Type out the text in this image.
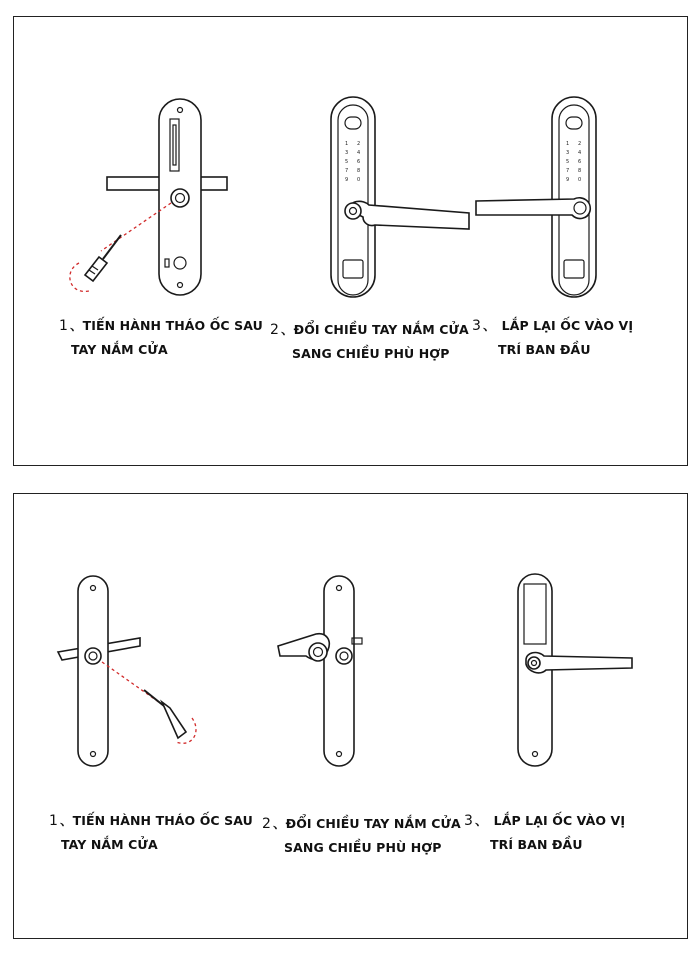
1 2
3 4
5 6
7 8
9 0
1 2
3 4
5 6
7 8
9 0
1 、TIẾN HÀNH THÁO ỐC SAU
TAY NẮM CỬA
2 、ĐỔI CHIỀU TAY NẮM CỬA
SANG CHIỀU PHÙ HỢP
3 、 LẮP LẠI ỐC VÀO VỊ
TRÍ BAN ĐẦU
1 、TIẾN HÀNH THÁO ỐC SAU
TAY NẮM CỬA
2 、ĐỔI CHIỀU TAY NẮM CỬA
SANG CHIỀU PHÙ HỢP
3 、 LẮP LẠI ỐC VÀO VỊ
TRÍ BAN ĐẦU
